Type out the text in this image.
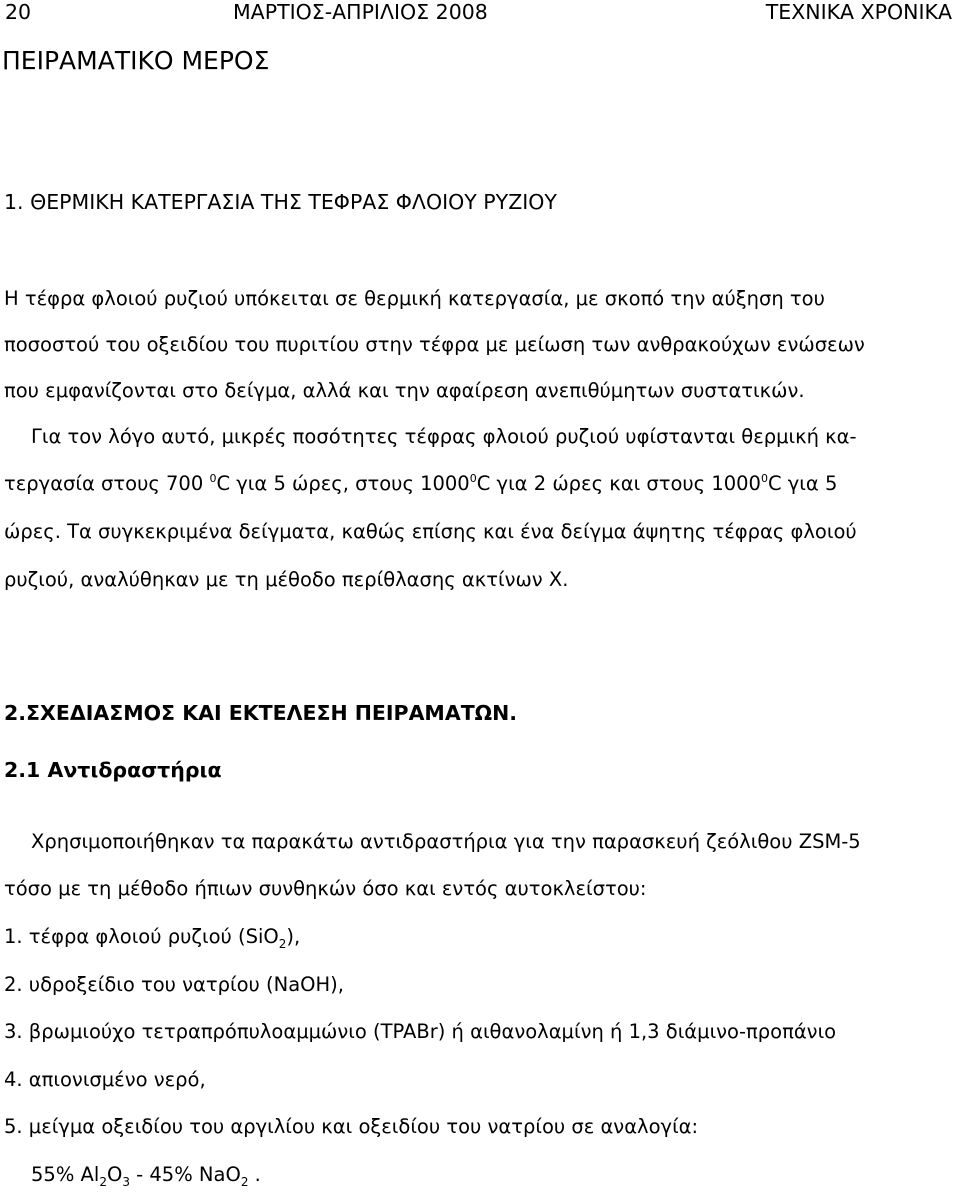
20	ΜΑΡΤΙΟΣ-ΑΠΡΙΛΙΟΣ 2008	ΤΕΧΝΙΚΑ ΧΡΟΝΙΚΑ
ΠΕΙΡΑΜΑΤΙΚΟ ΜΕΡΟΣ
1. ΘΕΡΜΙΚΗ ΚΑΤΕΡΓΑΣΙΑ ΤΗΣ ΤΕΦΡΑΣ ΦΛΟΙΟΥ ΡΥΖΙΟΥ
Η τέφρα φλοιού ρυζιού υπόκειται σε θερμική κατεργασία, με σκοπό την αύξηση του
ποσοστού του οξειδίου του πυριτίου στην τέφρα με μείωση των ανθρακούχων ενώσεων
που εμφανίζονται στο δείγμα, αλλά και την αφαίρεση ανεπιθύμητων συστατικών.
Για τον λόγο αυτό, μικρές ποσότητες τέφρας φλοιού ρυζιού υφίστανται θερμική κα-
τεργασία στους 700 $^0$C για 5 ώρες, στους 1000$^0$C για 2 ώρες και στους 1000$^0$C για 5
ώρες. Τα συγκεκριμένα δείγματα, καθώς επίσης και ένα δείγμα άψητης τέφρας φλοιού
ρυζιού, αναλύθηκαν με τη μέθοδο περίθλασης ακτίνων Χ.
2.ΣΧΕΔΙΑΣΜΟΣ ΚΑΙ ΕΚΤΕΛΕΣΗ ΠΕΙΡΑΜΑΤΩΝ.
2.1 Αντιδραστήρια
Χρησιμοποιήθηκαν τα παρακάτω αντιδραστήρια για την παρασκευή ζεόλιθου ZSM-5
τόσο με τη μέθοδο ήπιων συνθηκών όσο και εντός αυτοκλείστου:
1. τέφρα φλοιού ρυζιού (SiO$_2$),
2. υδροξείδιο του νατρίου (NaOH),
3. βρωμιούχο τετραπρόπυλοαμμώνιο (TPABr) ή αιθανολαμίνη ή 1,3 διάμινο-προπάνιο
4. απιονισμένο νερό,
5. μείγμα οξειδίου του αργιλίου και οξειδίου του νατρίου σε αναλογία:
55% $Al_2O_3 - 45\%$ NaO$_2$ .
